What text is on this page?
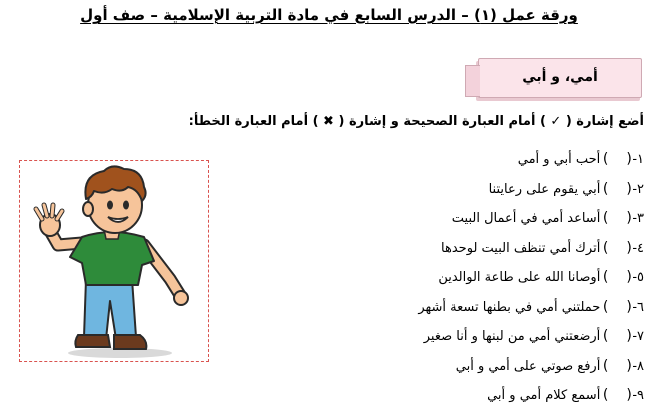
ورقة عمل (١) – الدرس السابع في مادة التربية الإسلامية – صف أول
أمي، و أبي

أضع إشارة ( ✓ ) أمام العبارة الصحيحة و إشارة ( ✖ ) أمام العبارة الخطأ:

١-
()
أحب أبي و أمي
٢-
()
أبي يقوم على رعايتنا
٣-
()
أساعد أمي في أعمال البيت
٤-
()
أترك أمي تنظف البيت لوحدها
٥-
()
أوصانا الله على طاعة الوالدين
٦-
()
حملتني أمي في بطنها تسعة أشهر
٧-
()
أرضعتني أمي من لبنها و أنا صغير
٨-
()
أرفع صوتي على أمي و أبي
٩-
()
أسمع كلام أمي و أبي
